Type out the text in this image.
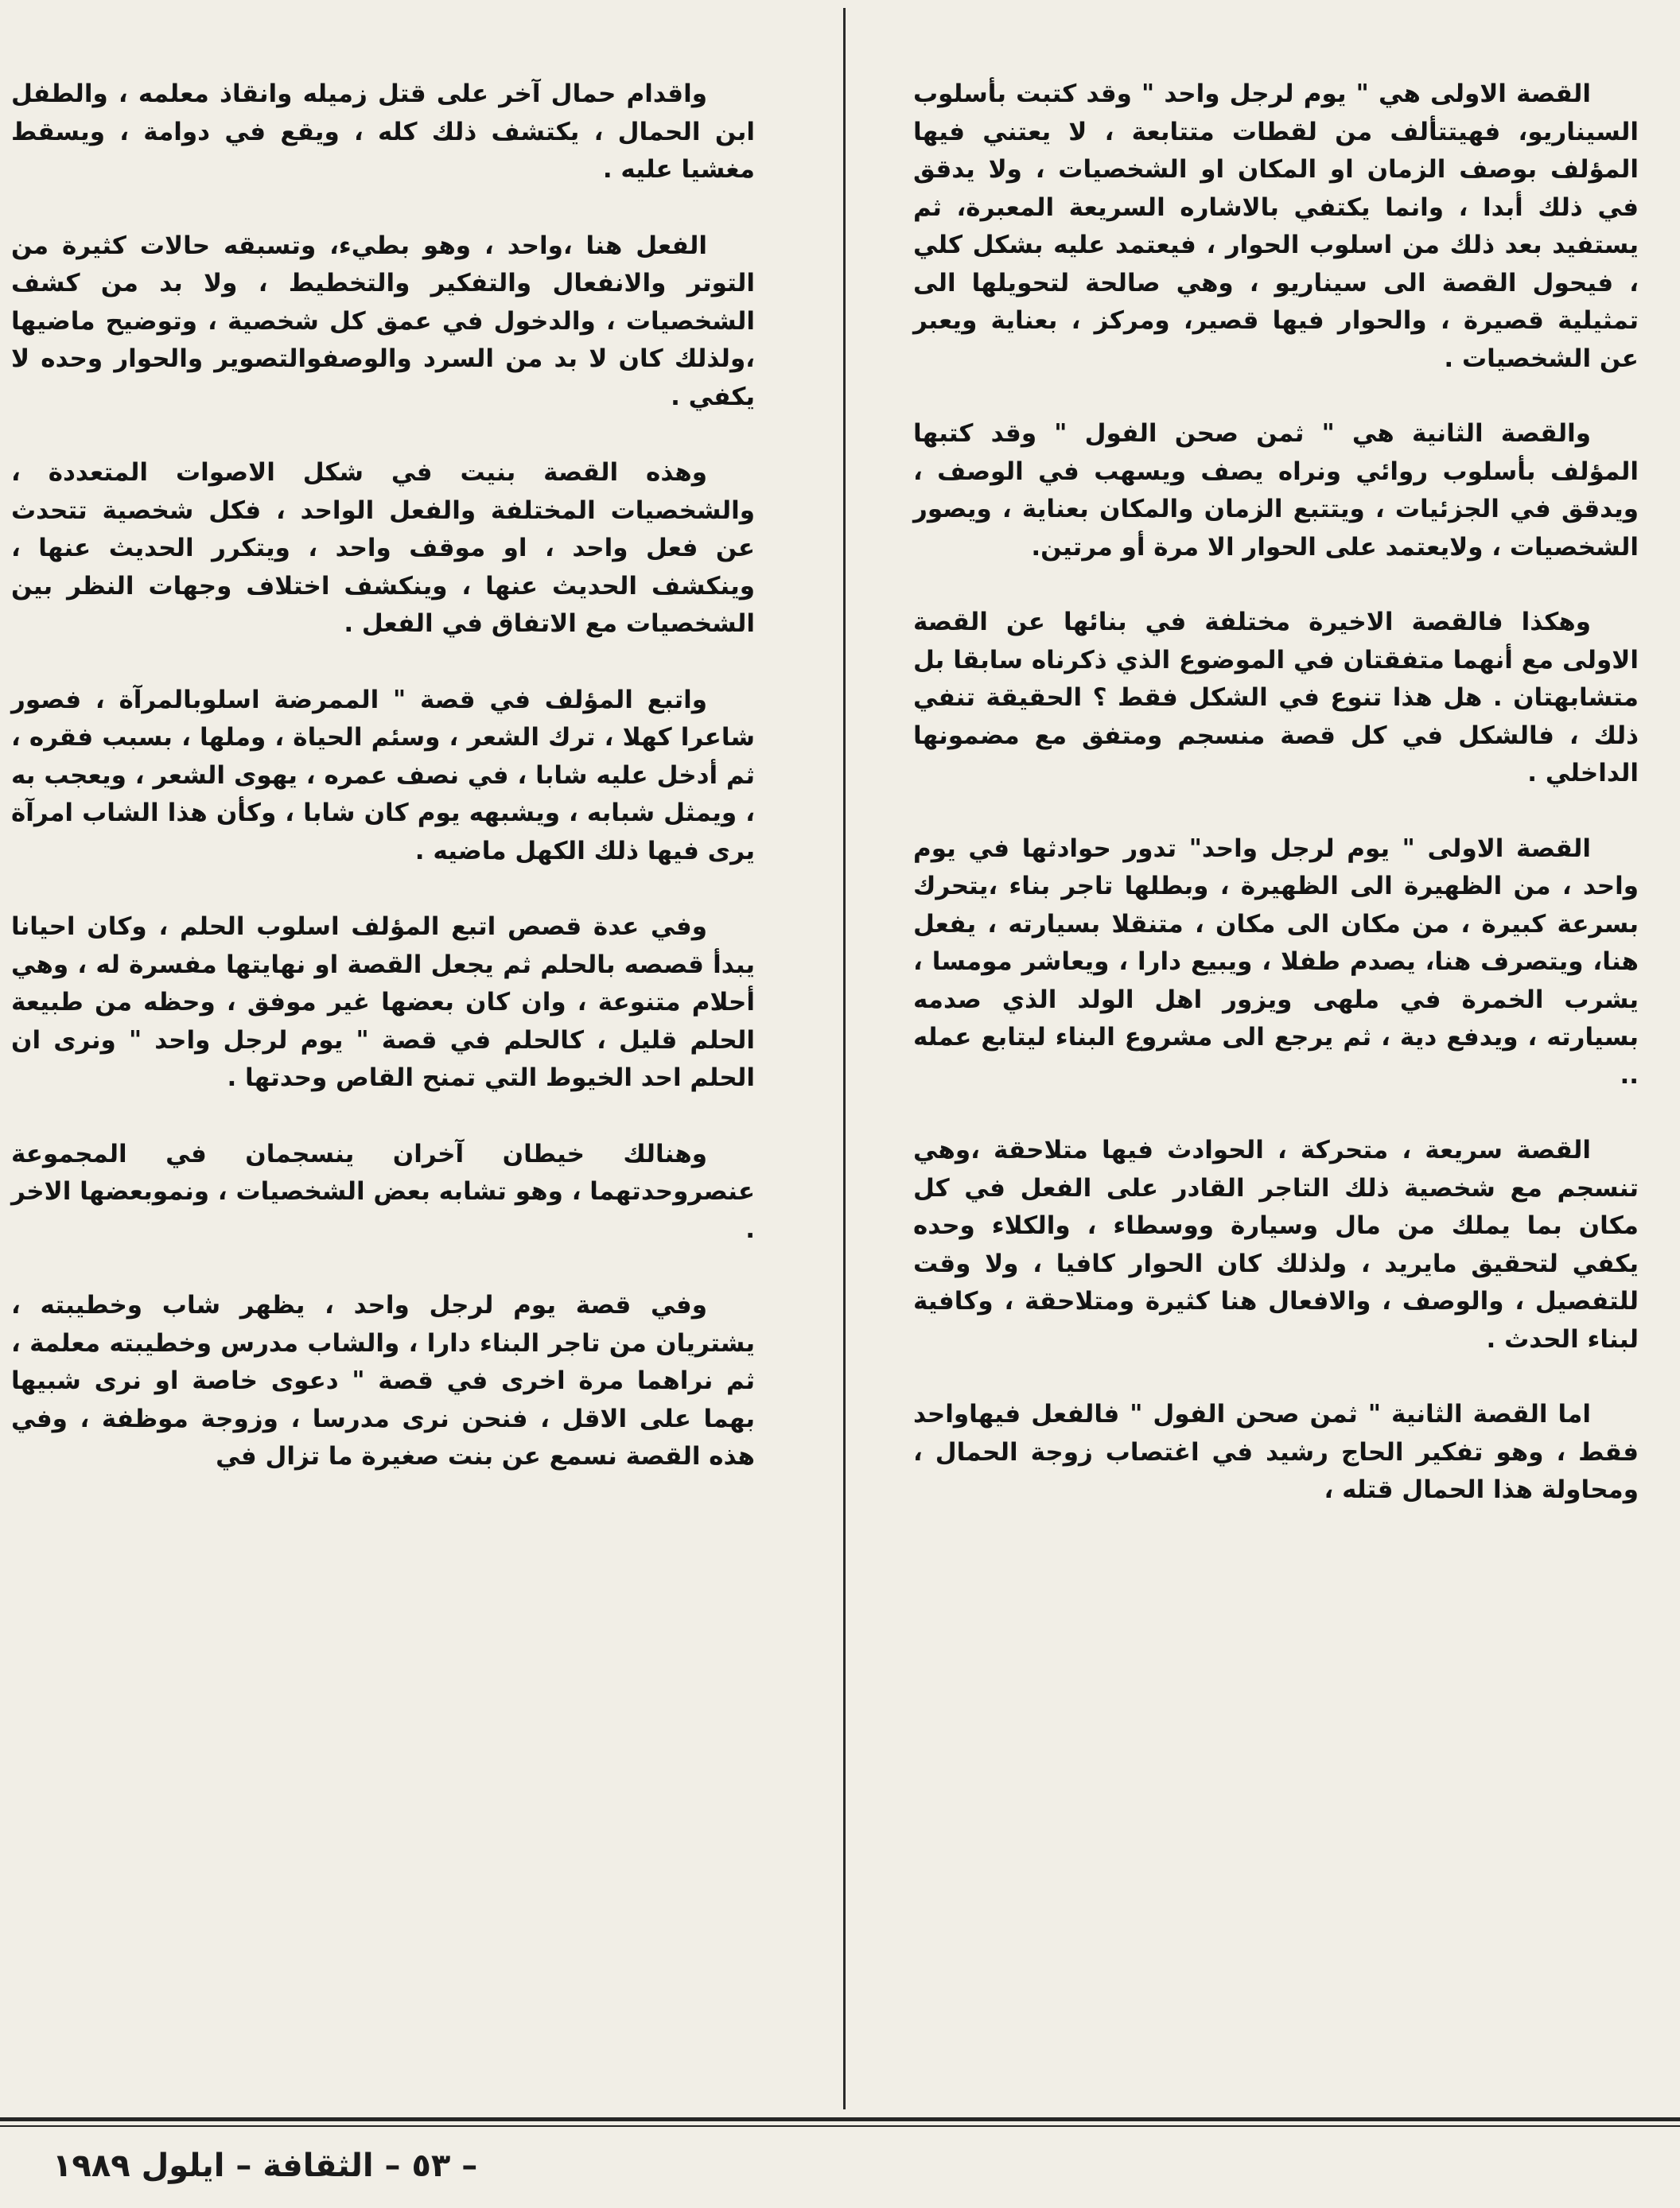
القصة الاولى هي " يوم لرجل واحد " وقد كتبت بأسلوب السيناريو، فهيتتألف من لقطات متتابعة ، لا يعتني فيها المؤلف بوصف الزمان او المكان او الشخصيات ، ولا يدقق في ذلك أبدا ، وانما يكتفي بالاشاره السريعة المعبرة، ثم يستفيد بعد ذلك من اسلوب الحوار ، فيعتمد عليه بشكل كلي ، فيحول القصة الى سيناريو ، وهي صالحة لتحويلها الى تمثيلية قصيرة ، والحوار فيها قصير، ومركز ، بعناية ويعبر عن الشخصيات .

والقصة الثانية هي " ثمن صحن الفول " وقد كتبها المؤلف بأسلوب روائي ونراه يصف ويسهب في الوصف ، ويدقق في الجزئيات ، ويتتبع الزمان والمكان بعناية ، ويصور الشخصيات ، ولايعتمد على الحوار الا مرة أو مرتين.

وهكذا فالقصة الاخيرة مختلفة في بنائها عن القصة الاولى مع أنهما متفقتان في الموضوع الذي ذكرناه سابقا بل متشابهتان . هل هذا تنوع في الشكل فقط ؟ الحقيقة تنفي ذلك ، فالشكل في كل قصة منسجم ومتفق مع مضمونها الداخلي .

القصة الاولى " يوم لرجل واحد" تدور حوادثها في يوم واحد ، من الظهيرة الى الظهيرة ، وبطلها تاجر بناء ،يتحرك بسرعة كبيرة ، من مكان الى مكان ، متنقلا بسيارته ، يفعل هنا، ويتصرف هنا، يصدم طفلا ، ويبيع دارا ، ويعاشر مومسا ، يشرب الخمرة في ملهى ويزور اهل الولد الذي صدمه بسيارته ، ويدفع دية ، ثم يرجع الى مشروع البناء ليتابع عمله ..

القصة سريعة ، متحركة ، الحوادث فيها متلاحقة ،وهي تنسجم مع شخصية ذلك التاجر القادر على الفعل في كل مكان بما يملك من مال وسيارة ووسطاء ، والكلاء وحده يكفي لتحقيق مايريد ، ولذلك كان الحوار كافيا ، ولا وقت للتفصيل ، والوصف ، والافعال هنا كثيرة ومتلاحقة ، وكافية لبناء الحدث .

اما القصة الثانية " ثمن صحن الفول " فالفعل فيهاواحد فقط ، وهو تفكير الحاج رشيد في اغتصاب زوجة الحمال ، ومحاولة هذا الحمال قتله ،

واقدام حمال آخر على قتل زميله وانقاذ معلمه ، والطفل ابن الحمال ، يكتشف ذلك كله ، ويقع في دوامة ، ويسقط مغشيا عليه .

الفعل هنا ،واحد ، وهو بطيء، وتسبقه حالات كثيرة من التوتر والانفعال والتفكير والتخطيط ، ولا بد من كشف الشخصيات ، والدخول في عمق كل شخصية ، وتوضيح ماضيها ،ولذلك كان لا بد من السرد والوصفوالتصوير والحوار وحده لا يكفي .

وهذه القصة بنيت في شكل الاصوات المتعددة ، والشخصيات المختلفة والفعل الواحد ، فكل شخصية تتحدث عن فعل واحد ، او موقف واحد ، ويتكرر الحديث عنها ، وينكشف الحديث عنها ، وينكشف اختلاف وجهات النظر بين الشخصيات مع الاتفاق في الفعل .

واتبع المؤلف في قصة " الممرضة اسلوبالمرآة ، فصور شاعرا كهلا ، ترك الشعر ، وسئم الحياة ، وملها ، بسبب فقره ، ثم أدخل عليه شابا ، في نصف عمره ، يهوى الشعر ، ويعجب به ، ويمثل شبابه ، ويشبهه يوم كان شابا ، وكأن هذا الشاب امرآة يرى فيها ذلك الكهل ماضيه .

وفي عدة قصص اتبع المؤلف اسلوب الحلم ، وكان احيانا يبدأ قصصه بالحلم ثم يجعل القصة او نهايتها مفسرة له ، وهي أحلام متنوعة ، وان كان بعضها غير موفق ، وحظه من طبيعة الحلم قليل ، كالحلم في قصة " يوم لرجل واحد " ونرى ان الحلم احد الخيوط التي تمنح القاص وحدتها .

وهنالك خيطان آخران ينسجمان في المجموعة عنصروحدتهما ، وهو تشابه بعض الشخصيات ، ونموبعضها الاخر .

وفي قصة يوم لرجل واحد ، يظهر شاب وخطيبته ، يشتريان من تاجر البناء دارا ، والشاب مدرس وخطيبته معلمة ، ثم نراهما مرة اخرى في قصة " دعوى خاصة او نرى شبيها بهما على الاقل ، فنحن نرى مدرسا ، وزوجة موظفة ، وفي هذه القصة نسمع عن بنت صغيرة ما تزال في

– ٥٣ – الثقافة – ايلول ١٩٨٩
